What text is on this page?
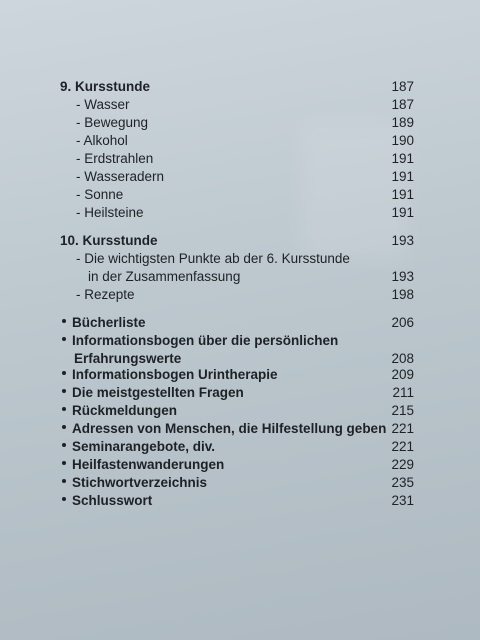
9. Kursstunde	187
- Wasser	187
- Bewegung	189
- Alkohol	190
- Erdstrahlen	191
- Wasseradern	191
- Sonne	191
- Heilsteine	191
10. Kursstunde	193
- Die wichtigsten Punkte ab der 6. Kursstunde
in der Zusammenfassung	193
- Rezepte	198
Bücherliste	206
Informationsbogen über die persönlichen
Erfahrungswerte	208
Informationsbogen Urintherapie	209
Die meistgestellten Fragen	211
Rückmeldungen	215
Adressen von Menschen, die Hilfestellung geben 221
Seminarangebote, div.	221
Heilfastenwanderungen	229
Stichwortverzeichnis	235
Schlusswort	231
